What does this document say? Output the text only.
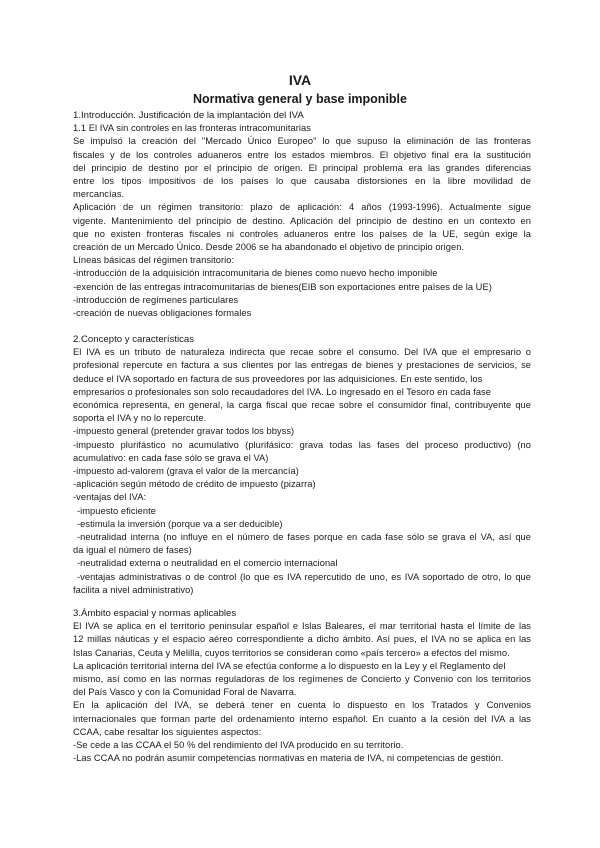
IVA
Normativa general y base imponible
1.Introducción. Justificación de la implantación del IVA
1.1 El IVA sin controles en las fronteras intracomunitarias
Se impulsó la creación del "Mercado Único Europeo" lo que supuso la eliminación de las fronteras
fiscales y de los controles aduaneros entre los estados miembros. El objetivo final era la sustitución
del principio de destino por el principio de origen. El principal problema era las grandes diferencias
entre los tipos impositivos de los países lo que causaba distorsiones en la libre movilidad de
mercancías.
Aplicación de un régimen transitorio: plazo de aplicación: 4 años (1993-1996). Actualmente sigue
vigente. Mantenimiento del principio de destino. Aplicación del principio de destino en un contexto en
que no existen fronteras fiscales ni controles aduaneros entre los países de la UE, según exige la
creación de un Mercado Único. Desde 2006 se ha abandonado el objetivo de principio origen.
Líneas básicas del régimen transitorio:
-introducción de la adquisición intracomunitaria de bienes como nuevo hecho imponible
-exención de las entregas intracomunitarias de bienes(EIB son exportaciones entre países de la UE)
-introducción de regímenes particulares
-creación de nuevas obligaciones formales
2.Concepto y características
El IVA es un tributo de naturaleza indirecta que recae sobre el consumo. Del IVA que el empresario o
profesional repercute en factura a sus clientes por las entregas de bienes y prestaciones de servicios, se
deduce el IVA soportado en factura de sus proveedores por las adquisiciones. En este sentido, los
empresarios o profesionales son solo recaudadores del IVA. Lo ingresado en el Tesoro en cada fase
económica representa, en general, la carga fiscal que recae sobre el consumidor final, contribuyente que
soporta el IVA y no lo repercute.
-impuesto general (pretender gravar todos los bbyss)
-impuesto plurifástico no acumulativo (plurifásico: grava todas las fases del proceso productivo) (no
acumulativo: en cada fase sólo se grava el VA)
-impuesto ad-valorem (grava el valor de la mercancía)
-aplicación según método de crédito de impuesto (pizarra)
-ventajas del IVA:
-impuesto eficiente
-estimula la inversión (porque va a ser deducible)
-neutralidad interna (no influye en el número de fases porque en cada fase sólo se grava el VA, así que
da igual el número de fases)
-neutralidad externa o neutralidad en el comercio internacional
-ventajas administrativas o de control (lo que es IVA repercutido de uno, es IVA soportado de otro, lo que
facilita a nivel administrativo)
3.Ámbito espacial y normas aplicables
El IVA se aplica en el territorio peninsular español e Islas Baleares, el mar territorial hasta el límite de las
12 millas náuticas y el espacio aéreo correspondiente a dicho ámbito. Así pues, el IVA no se aplica en las
Islas Canarias, Ceuta y Melilla, cuyos territorios se consideran como «país tercero» a efectos del mismo.
La aplicación territorial interna del IVA se efectúa conforme a lo dispuesto en la Ley y el Reglamento del
mismo, así como en las normas reguladoras de los regímenes de Concierto y Convenio con los territorios
del País Vasco y con la Comunidad Foral de Navarra.
En la aplicación del IVA, se deberá tener en cuenta lo dispuesto en los Tratados y Convenios
internacionales que forman parte del ordenamiento interno español. En cuanto a la cesión del IVA a las
CCAA, cabe resaltar los siguientes aspectos:
-Se cede a las CCAA el 50 % del rendimiento del IVA producido en su territorio.
-Las CCAA no podrán asumir competencias normativas en materia de IVA, ni competencias de gestión.
